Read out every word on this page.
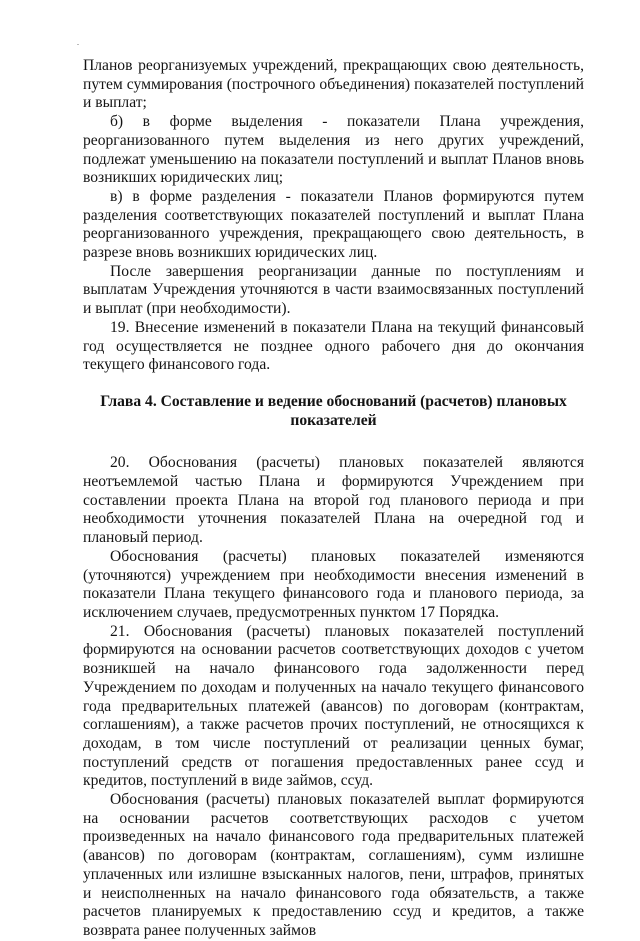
Планов реорганизуемых учреждений, прекращающих свою деятельность, путем суммирования (построчного объединения) показателей поступлений и выплат;

б) в форме выделения - показатели Плана учреждения, реорганизованного путем выделения из него других учреждений, подлежат уменьшению на показатели поступлений и выплат Планов вновь возникших юридических лиц;

в) в форме разделения - показатели Планов формируются путем разделения соответствующих показателей поступлений и выплат Плана реорганизованного учреждения, прекращающего свою деятельность, в разрезе вновь возникших юридических лиц.

После завершения реорганизации данные по поступлениям и выплатам Учреждения уточняются в части взаимосвязанных поступлений и выплат (при необходимости).

19. Внесение изменений в показатели Плана на текущий финансовый год осуществляется не позднее одного рабочего дня до окончания текущего финансового года.

Глава 4. Составление и ведение обоснований (расчетов) плановых показателей

20. Обоснования (расчеты) плановых показателей являются неотъемлемой частью Плана и формируются Учреждением при составлении проекта Плана на второй год планового периода и при необходимости уточнения показателей Плана на очередной год и плановый период.

Обоснования (расчеты) плановых показателей изменяются (уточняются) учреждением при необходимости внесения изменений в показатели Плана текущего финансового года и планового периода, за исключением случаев, предусмотренных пунктом 17 Порядка.

21. Обоснования (расчеты) плановых показателей поступлений формируются на основании расчетов соответствующих доходов с учетом возникшей на начало финансового года задолженности перед Учреждением по доходам и полученных на начало текущего финансового года предварительных платежей (авансов) по договорам (контрактам, соглашениям), а также расчетов прочих поступлений, не относящихся к доходам, в том числе поступлений от реализации ценных бумаг, поступлений средств от погашения предоставленных ранее ссуд и кредитов, поступлений в виде займов, ссуд.

Обоснования (расчеты) плановых показателей выплат формируются на основании расчетов соответствующих расходов с учетом произведенных на начало финансового года предварительных платежей (авансов) по договорам (контрактам, соглашениям), сумм излишне уплаченных или излишне взысканных налогов, пени, штрафов, принятых и неисполненных на начало финансового года обязательств, а также расчетов планируемых к предоставлению ссуд и кредитов, а также возврата ранее полученных займов
